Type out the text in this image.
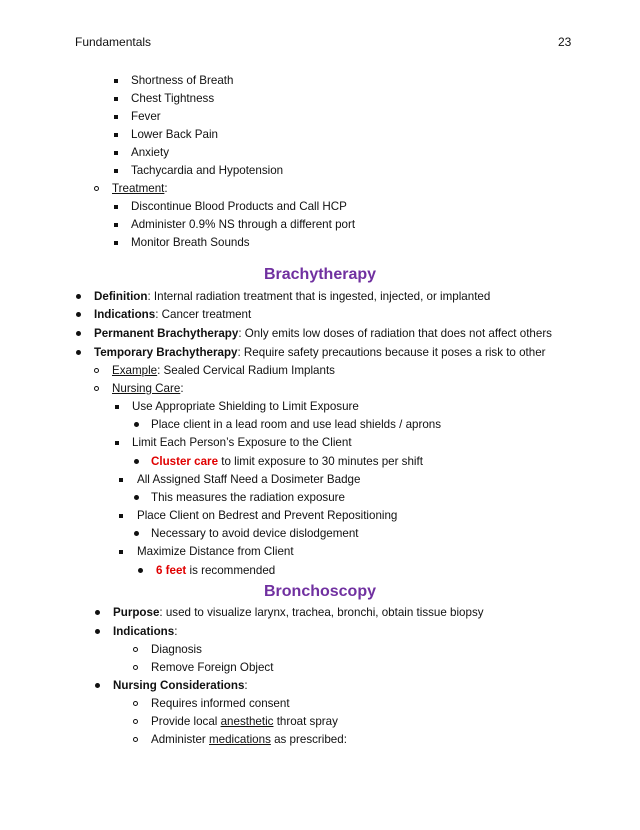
Fundamentals	23
Shortness of Breath
Chest Tightness
Fever
Lower Back Pain
Anxiety
Tachycardia and Hypotension
Treatment:
Discontinue Blood Products and Call HCP
Administer 0.9% NS through a different port
Monitor Breath Sounds
Brachytherapy
Definition: Internal radiation treatment that is ingested, injected, or implanted
Indications: Cancer treatment
Permanent Brachytherapy: Only emits low doses of radiation that does not affect others
Temporary Brachytherapy: Require safety precautions because it poses a risk to other
Example: Sealed Cervical Radium Implants
Nursing Care:
Use Appropriate Shielding to Limit Exposure
Place client in a lead room and use lead shields / aprons
Limit Each Person’s Exposure to the Client
Cluster care to limit exposure to 30 minutes per shift
All Assigned Staff Need a Dosimeter Badge
This measures the radiation exposure
Place Client on Bedrest and Prevent Repositioning
Necessary to avoid device dislodgement
Maximize Distance from Client
6 feet is recommended
Bronchoscopy
Purpose: used to visualize larynx, trachea, bronchi, obtain tissue biopsy
Indications:
Diagnosis
Remove Foreign Object
Nursing Considerations:
Requires informed consent
Provide local anesthetic throat spray
Administer medications as prescribed:
